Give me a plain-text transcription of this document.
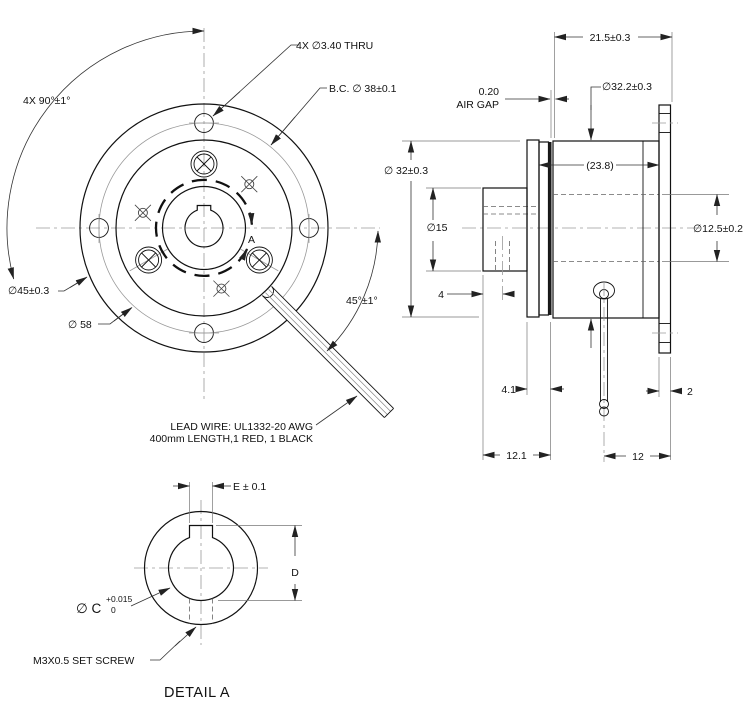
A
4X 90°±1°
45°±1°
4X ∅3.40 THRU
B.C. ∅ 38±0.1
∅45±0.3
∅ 58
LEAD WIRE: UL1332-20 AWG
400mm LENGTH,1 RED, 1 BLACK
21.5±0.3
0.20
AIR GAP
∅32.2±0.3
(23.8)
∅ 32±0.3
∅15	∅12.5±0.2
4
4.1
12.1	12
2
E ± 0.1
D
∅ C
+0.015
0
M3X0.5 SET SCREW
DETAIL A
